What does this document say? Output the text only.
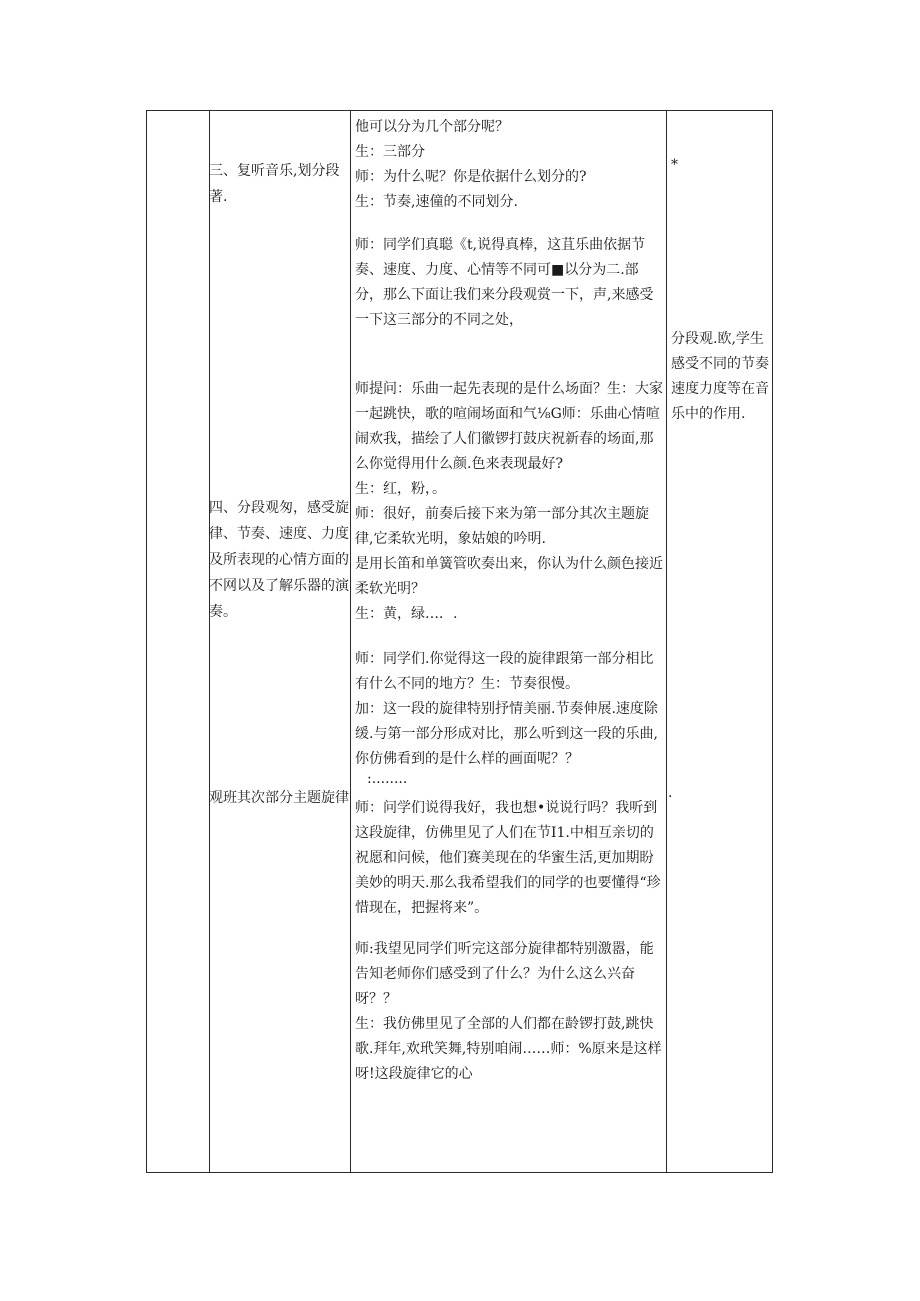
三、复听音乐,划分段著.
四、分段观匆，感受旋律、节奏、速度、力度及所表现的心情方面的不网以及了解乐器的演奏。
观班其次部分主题旋律

他可以分为几个部分呢？

生：三部分

师：为什么呢？你是依据什么划分的?

生：节奏,速僮的不同划分.

师：同学们真聪《t,说得真棒，这苴乐曲依据节奏、速度、力度、心情等不同可■以分为二.部分，那么下面让我们来分段观赏一下，声,来感受一下这三部分的不同之处，

师提问：乐曲一起先表现的是什么场面？生：大家一起跳快，歌的喧闹场面和气⅛G师：乐曲心情喧闹欢我，描绘了人们徽锣打鼓庆祝新春的场面,那么你觉得用什么颜.色来表现最好?

生：红，粉，。

师：很好，前奏后接下来为第一部分其次主题旋律,它柔软光明，象姑娘的吟明.

是用长笛和单簧管吹奏出来，你认为什么颜色接近柔软光明？

生：黄，绿…．.

师：同学们.你觉得这一段的旋律跟第一部分相比有什么不同的地方？生：节奏很慢。

加：这一段的旋律特别抒情美丽.节奏伸展.速度除缓.与第一部分形成对比，那么听到这一段的乐曲,你仿佛看到的是什么样的画面呢？？

:........

师：问学们说得我好，我也想•说说行吗？我听到这段旋律，仿佛里见了人们在节I1.中相互亲切的祝愿和问候，他们赛美现在的华蜜生活,更加期盼美妙的明天.那么我希望我们的同学的也要懂得“珍惜现在，把握将来”。

师:我望见同学们听完这部分旋律都特别激嚣，能告知老师你们感受到了什么？为什么这么兴奋呀？？

生：我仿佛里见了全部的人们都在龄锣打鼓,跳快歌.拜年,欢玳笑舞,特别咱闹……师：%原来是这样呀!这段旋律它的心

*
分段观.欧,学生感受不同的节奏速度力度等在音乐中的作用.
.
